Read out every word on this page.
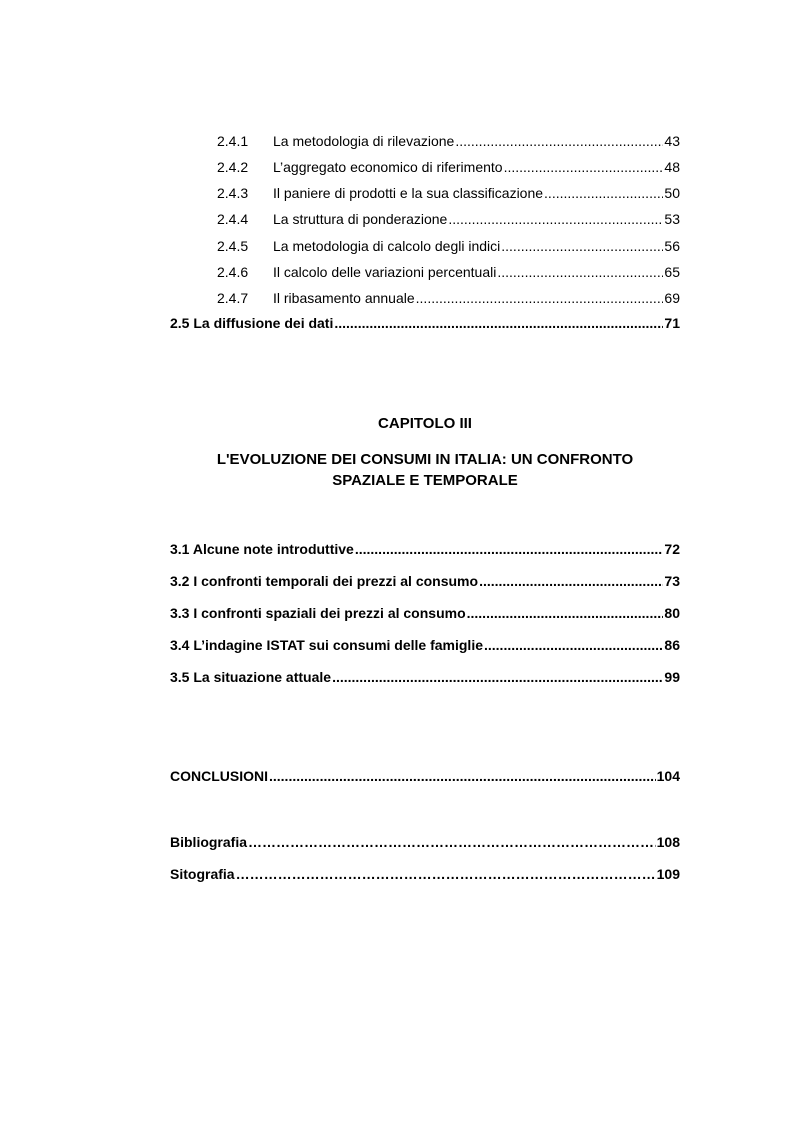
2.4.1	La metodologia di rilevazione .....	43
2.4.2	L’aggregato economico di riferimento .....	48
2.4.3	Il paniere di prodotti e la sua classificazione .....	50
2.4.4	La struttura di ponderazione .....	53
2.4.5	La metodologia di calcolo degli indici .....	56
2.4.6	Il calcolo delle variazioni percentuali .....	65
2.4.7	Il ribasamento annuale .....	69
2.5 La diffusione dei dati .....	71
CAPITOLO III
L'EVOLUZIONE DEI CONSUMI IN ITALIA: UN CONFRONTO
SPAZIALE E TEMPORALE
3.1 Alcune note introduttive .....	72
3.2 I confronti temporali dei prezzi al consumo .....	73
3.3 I confronti spaziali dei prezzi al consumo .....	80
3.4 L’indagine ISTAT sui consumi delle famiglie .....	86
3.5 La situazione attuale .....	99
CONCLUSIONI .....	104
Bibliografia ……………………………………………………………………………………………………………………………………………………………………………………………………………………	108
Sitografia ……………………………………………………………………………………………………………………………………………………………………………………………………………………	109
